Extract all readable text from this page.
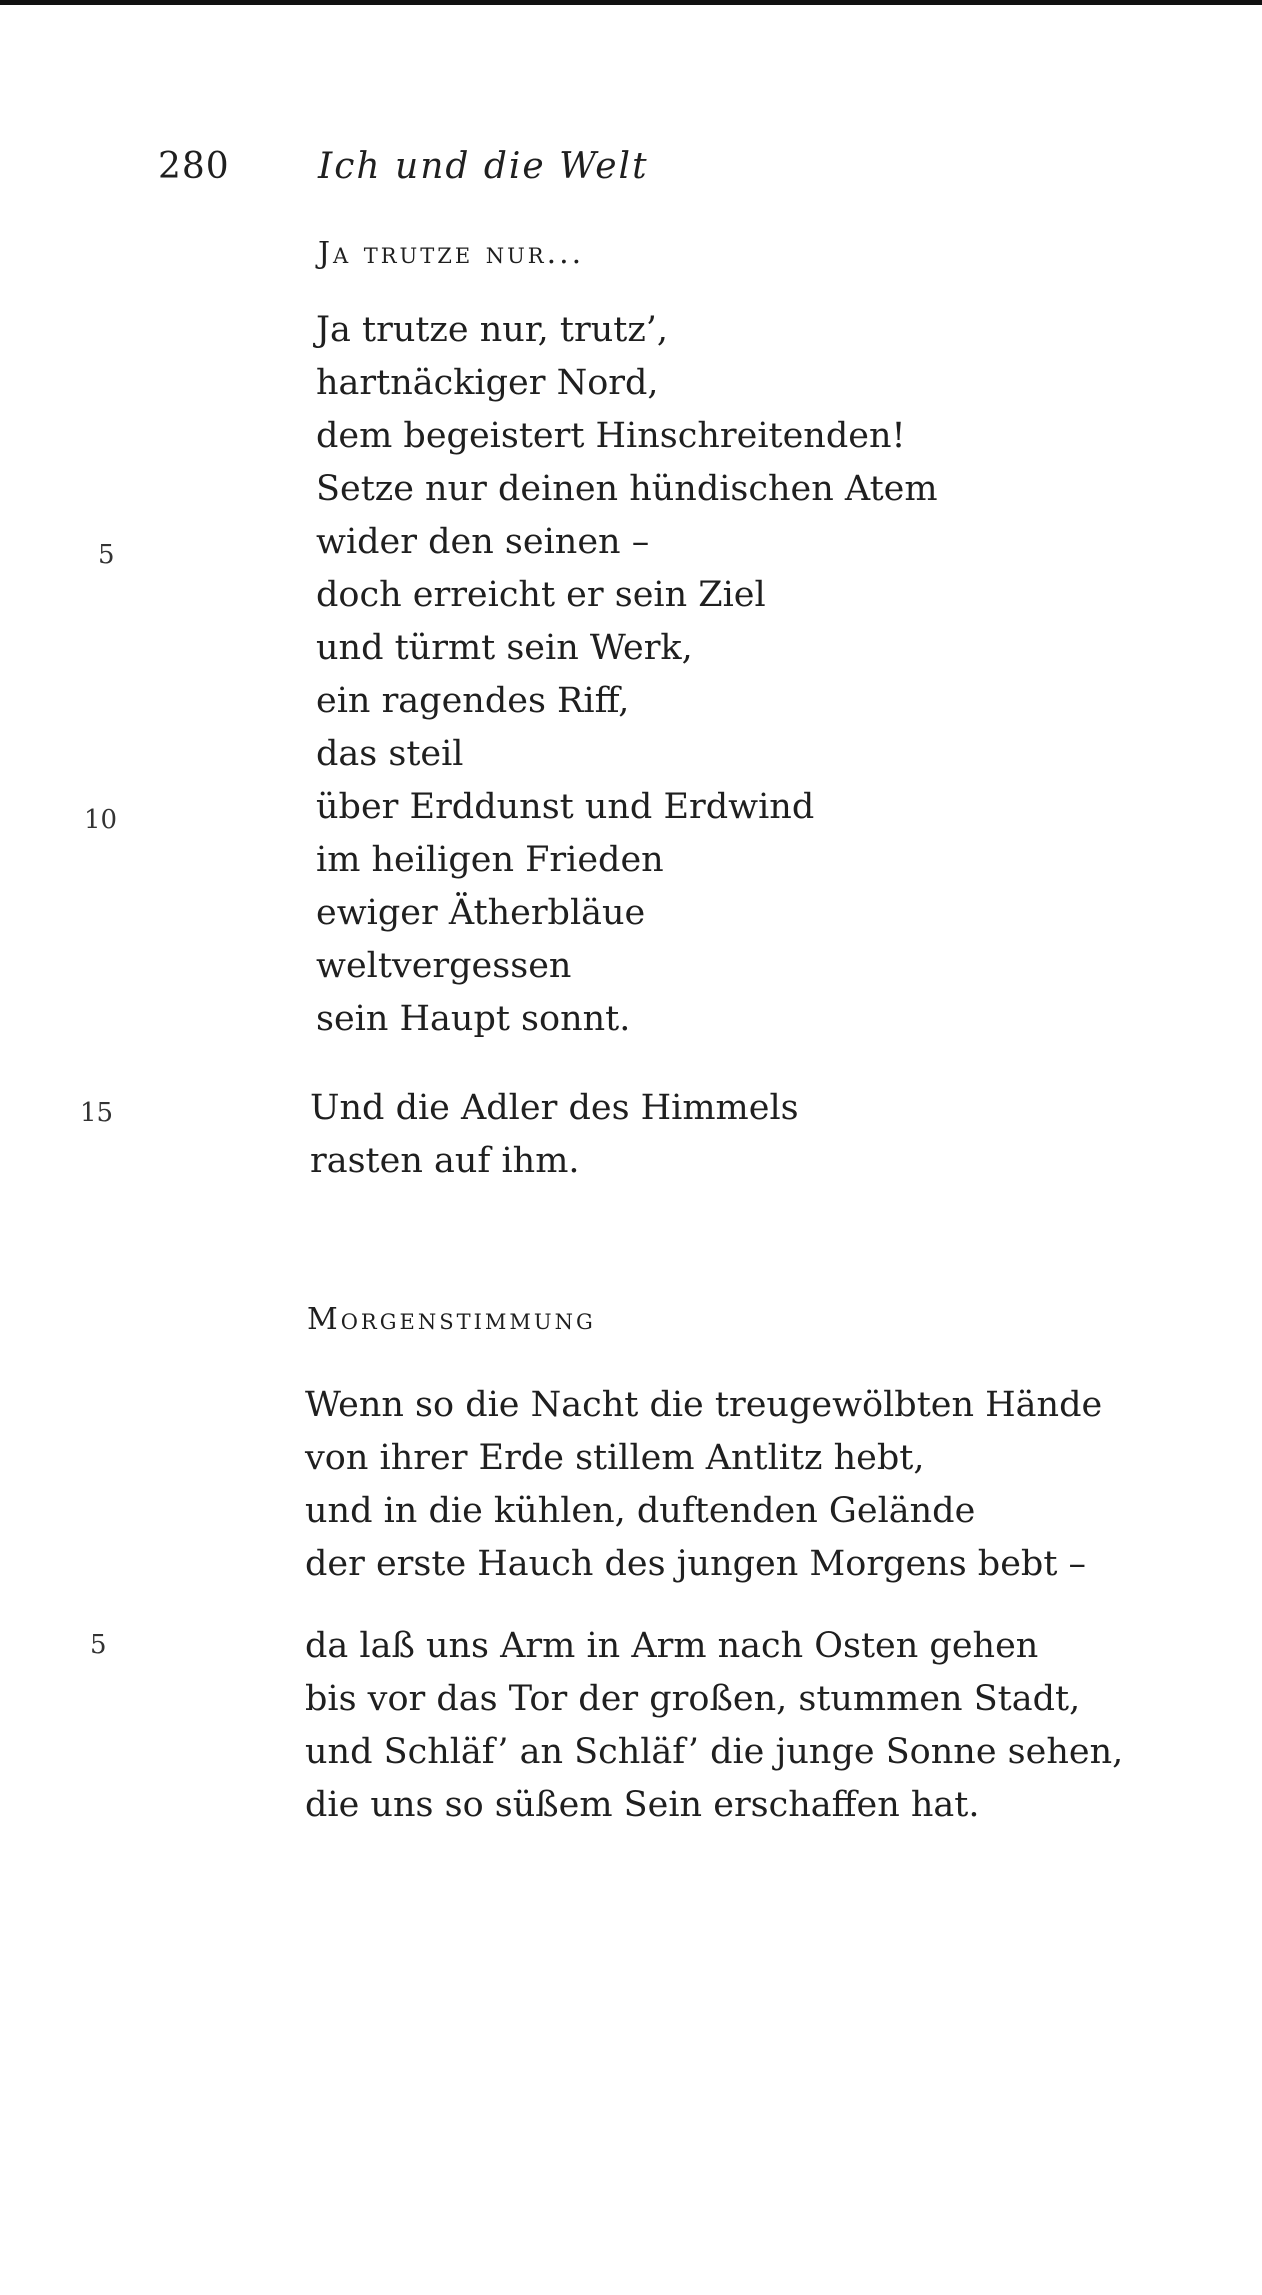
280 Ich und die Welt
Ja trutze nur...
Ja trutze nur, trutz’,
hartnäckiger Nord,
dem begeistert Hinschreitenden!
Setze nur deinen hündischen Atem
wider den seinen –
doch erreicht er sein Ziel
und türmt sein Werk,
ein ragendes Riff,
das steil
über Erddunst und Erdwind
im heiligen Frieden
ewiger Ätherbläue
weltvergessen
sein Haupt sonnt.
Und die Adler des Himmels
rasten auf ihm.
5
10
15
Morgenstimmung
Wenn so die Nacht die treugewölbten Hände
von ihrer Erde stillem Antlitz hebt,
und in die kühlen, duftenden Gelände
der erste Hauch des jungen Morgens bebt –
da laß uns Arm in Arm nach Osten gehen
bis vor das Tor der großen, stummen Stadt,
und Schläf’ an Schläf’ die junge Sonne sehen,
die uns so süßem Sein erschaffen hat.
5
